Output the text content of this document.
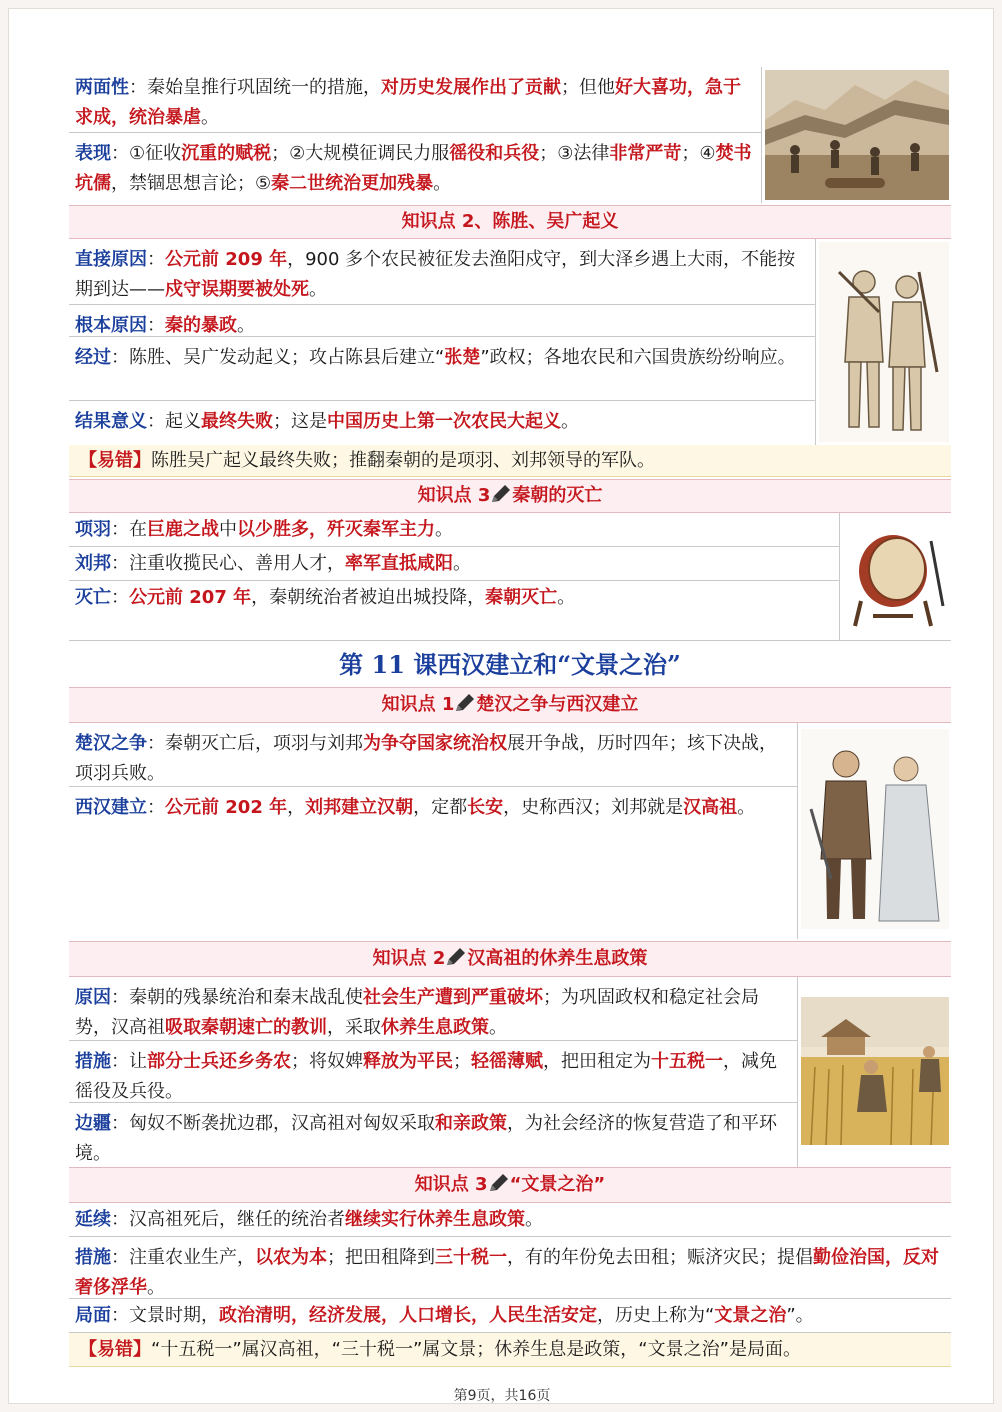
两面性：秦始皇推行巩固统一的措施，对历史发展作出了贡献；但他好大喜功，急于求成，统治暴虐。
表现：①征收沉重的赋税；②大规模征调民力服徭役和兵役；③法律非常严苛；④焚书坑儒，禁锢思想言论；⑤秦二世统治更加残暴。
知识点 2、陈胜、吴广起义
直接原因：公元前 209 年，900 多个农民被征发去渔阳戍守，到大泽乡遇上大雨，不能按期到达——戍守误期要被处死。
根本原因：秦的暴政。
经过：陈胜、吴广发动起义；攻占陈县后建立“张楚”政权；各地农民和六国贵族纷纷响应。
结果意义：起义最终失败；这是中国历史上第一次农民大起义。
【易错】陈胜吴广起义最终失败；推翻秦朝的是项羽、刘邦领导的军队。
知识点 3 秦朝的灭亡
项羽：在巨鹿之战中以少胜多，歼灭秦军主力。
刘邦：注重收揽民心、善用人才，率军直抵咸阳。
灭亡：公元前 207 年，秦朝统治者被迫出城投降，秦朝灭亡。
第 11 课西汉建立和“文景之治”
知识点 1 楚汉之争与西汉建立
楚汉之争：秦朝灭亡后，项羽与刘邦为争夺国家统治权展开争战，历时四年；垓下决战，项羽兵败。
西汉建立：公元前 202 年，刘邦建立汉朝，定都长安，史称西汉；刘邦就是汉高祖。
知识点 2 汉高祖的休养生息政策
原因：秦朝的残暴统治和秦末战乱使社会生产遭到严重破坏；为巩固政权和稳定社会局势，汉高祖吸取秦朝速亡的教训，采取休养生息政策。
措施：让部分士兵还乡务农；将奴婢释放为平民；轻徭薄赋，把田租定为十五税一，减免徭役及兵役。
边疆：匈奴不断袭扰边郡，汉高祖对匈奴采取和亲政策，为社会经济的恢复营造了和平环境。
知识点 3 “文景之治”
延续：汉高祖死后，继任的统治者继续实行休养生息政策。
措施：注重农业生产，以农为本；把田租降到三十税一，有的年份免去田租；赈济灾民；提倡勤俭治国，反对奢侈浮华。
局面：文景时期，政治清明，经济发展，人口增长，人民生活安定，历史上称为“文景之治”。
【易错】“十五税一”属汉高祖，“三十税一”属文景；休养生息是政策，“文景之治”是局面。
第9页，共16页
